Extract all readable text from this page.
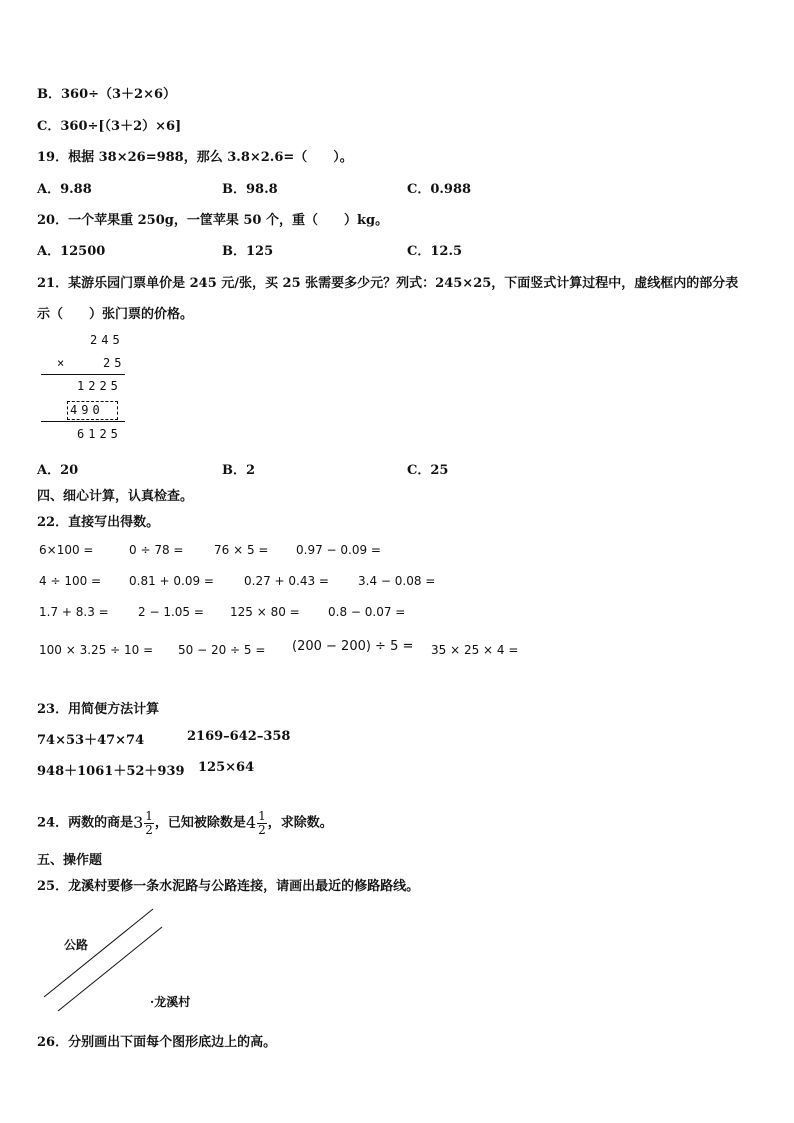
B．360÷（3＋2×6）
C．360÷[（3＋2）×6]
19．根据 38×26=988，那么 3.8×2.6=（　　）。
A．9.88	B．98.8	C．0.988
20．一个苹果重 250g，一筐苹果 50 个，重（　　）kg。
A．12500	B．125	C．12.5
21．某游乐园门票单价是 245 元/张，买 25 张需要多少元？列式：245×25，下面竖式计算过程中，虚线框内的部分表
示（　　）张门票的价格。
245
×	25
1225
490
6125
A．20	B．2	C．25
四、细心计算，认真检查。
22．直接写出得数。
6×100 =	0 ÷ 78 =	76 × 5 = 0.97 − 0.09 =
4 ÷ 100 = 0.81 + 0.09 =	0.27 + 0.43 = 3.4 − 0.08 =
1.7 + 8.3 = 2 − 1.05 = 125 × 80 = 0.8 − 0.07 =
100 × 3.25 ÷ 10 = 50 − 20 ÷ 5 = (200 − 200) ÷ 5 = 35 × 25 × 4 =
23．用简便方法计算
74×53＋47×74	2169–642–358
948＋1061＋52＋939 125×64
24．两数的商是$3 \frac{1}{2}$ ，已知被除数是$4 \frac{1}{2}$ ，求除数。
五、操作题
25．龙溪村要修一条水泥路与公路连接，请画出最近的修路路线。
公路
·龙溪村
26．分别画出下面每个图形底边上的高。
